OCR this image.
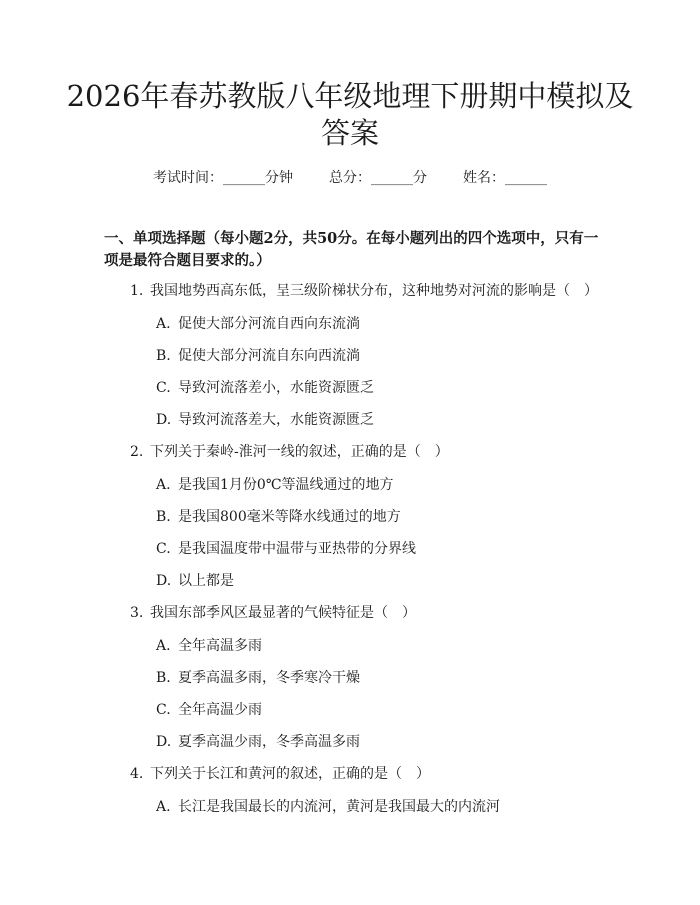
2026年春苏教版八年级地理下册期中模拟及答案
考试时间：______分钟	总分：______分	姓名：______
一、单项选择题（每小题2分，共50分。在每小题列出的四个选项中，只有一项是最符合题目要求的。）
1. 我国地势西高东低，呈三级阶梯状分布，这种地势对河流的影响是（　）
A. 促使大部分河流自西向东流淌
B. 促使大部分河流自东向西流淌
C. 导致河流落差小，水能资源匮乏
D. 导致河流落差大，水能资源匮乏
2. 下列关于秦岭-淮河一线的叙述，正确的是（　）
A. 是我国1月份0℃等温线通过的地方
B. 是我国800毫米等降水线通过的地方
C. 是我国温度带中温带与亚热带的分界线
D. 以上都是
3. 我国东部季风区最显著的气候特征是（　）
A. 全年高温多雨
B. 夏季高温多雨，冬季寒冷干燥
C. 全年高温少雨
D. 夏季高温少雨，冬季高温多雨
4. 下列关于长江和黄河的叙述，正确的是（　）
A. 长江是我国最长的内流河，黄河是我国最大的内流河
